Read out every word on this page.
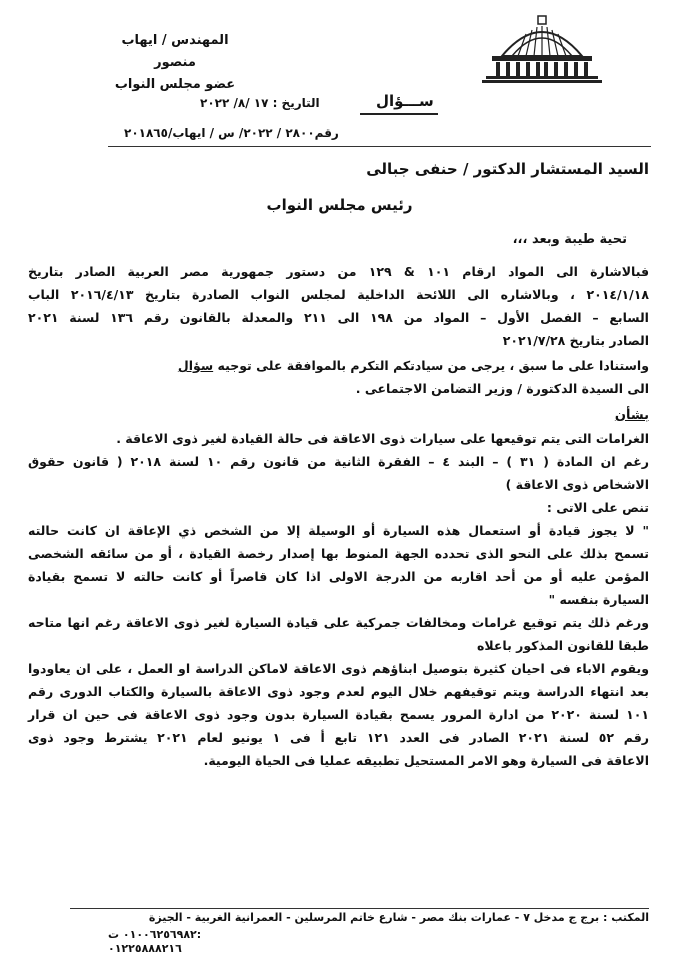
المهندس / ايهاب منصور
عضو مجلس النواب
ســـؤال
التاريخ : ١٧ /٨/ ٢٠٢٢
رقم٢٨٠٠ / ٢٠٢٢/ س / ايهاب/٢٠١٨٦٥
السيد المستشار الدكتور / حنفى جبالى
رئيس مجلس النواب
تحية طيبة وبعد ،،،

فبالاشارة الى المواد ارقام ١٠١ & ١٢٩ من دستور جمهورية مصر العربية الصادر بتاريخ

٢٠١٤/١/١٨ ، وبالاشاره الى اللائحة الداخلية لمجلس النواب الصادرة بتاريخ ٢٠١٦/٤/١٣ الباب

السابع – الفصل الأول – المواد من ١٩٨ الى ٢١١ والمعدلة بالقانون رقم ١٣٦ لسنة ٢٠٢١

الصادر بتاريخ ٢٠٢١/٧/٢٨

واستنادا على ما سبق ، يرجى من سيادتكم التكرم بالموافقة على توجيه سؤال

الى السيدة الدكتورة / وزير التضامن الاجتماعى .

بشأن

الغرامات التى يتم توقيعها على سيارات ذوى الاعاقة فى حالة القيادة لغير ذوى الاعاقة .

رغم ان المادة ( ٣١ ) – البند ٤ – الفقرة الثانية من قانون رقم ١٠ لسنة ٢٠١٨ ( قانون حقوق

الاشخاص ذوى الاعاقة )

تنص على الاتى :

" لا يجوز قيادة أو استعمال هذه السيارة أو الوسيلة إلا من الشخص ذي الإعاقة ان كانت حالته

تسمح بذلك على النحو الذى تحدده الجهة المنوط بها إصدار رخصة القيادة ، أو من سائقه الشخصى

المؤمن عليه أو من أحد اقاربه من الدرجة الاولى اذا كان قاصراً أو كانت حالته لا تسمح بقيادة

السيارة بنفسه "

ورغم ذلك يتم توقيع غرامات ومخالفات جمركية على قيادة السيارة لغير ذوى الاعاقة رغم انها متاحه

طبقا للقانون المذكور باعلاه

ويقوم الاباء فى احيان كثيرة بتوصيل ابناؤهم ذوى الاعاقة لاماكن الدراسة او العمل ، على ان يعاودوا

بعد انتهاء الدراسة ويتم توقيفهم خلال اليوم لعدم وجود ذوى الاعاقة بالسيارة والكتاب الدورى رقم

١٠١ لسنة ٢٠٢٠ من ادارة المرور يسمح بقيادة السيارة بدون وجود ذوى الاعاقة فى حين ان قرار

رقم ٥٢ لسنة ٢٠٢١ الصادر فى العدد ١٢١ تابع أ فى ١ يونيو لعام ٢٠٢١ يشترط وجود ذوى

الاعاقة فى السيارة وهو الامر المستحيل تطبيقه عمليا فى الحياة اليومية.

المكتب : برج ج مدخل ٧ - عمارات بنك مصر - شارع خاتم المرسلين - العمرانية الغربية - الجيزة
٠١٠٠٦٢٥٦٩٨٢ ت:
٠١٢٢٥٨٨٨٢١٦
